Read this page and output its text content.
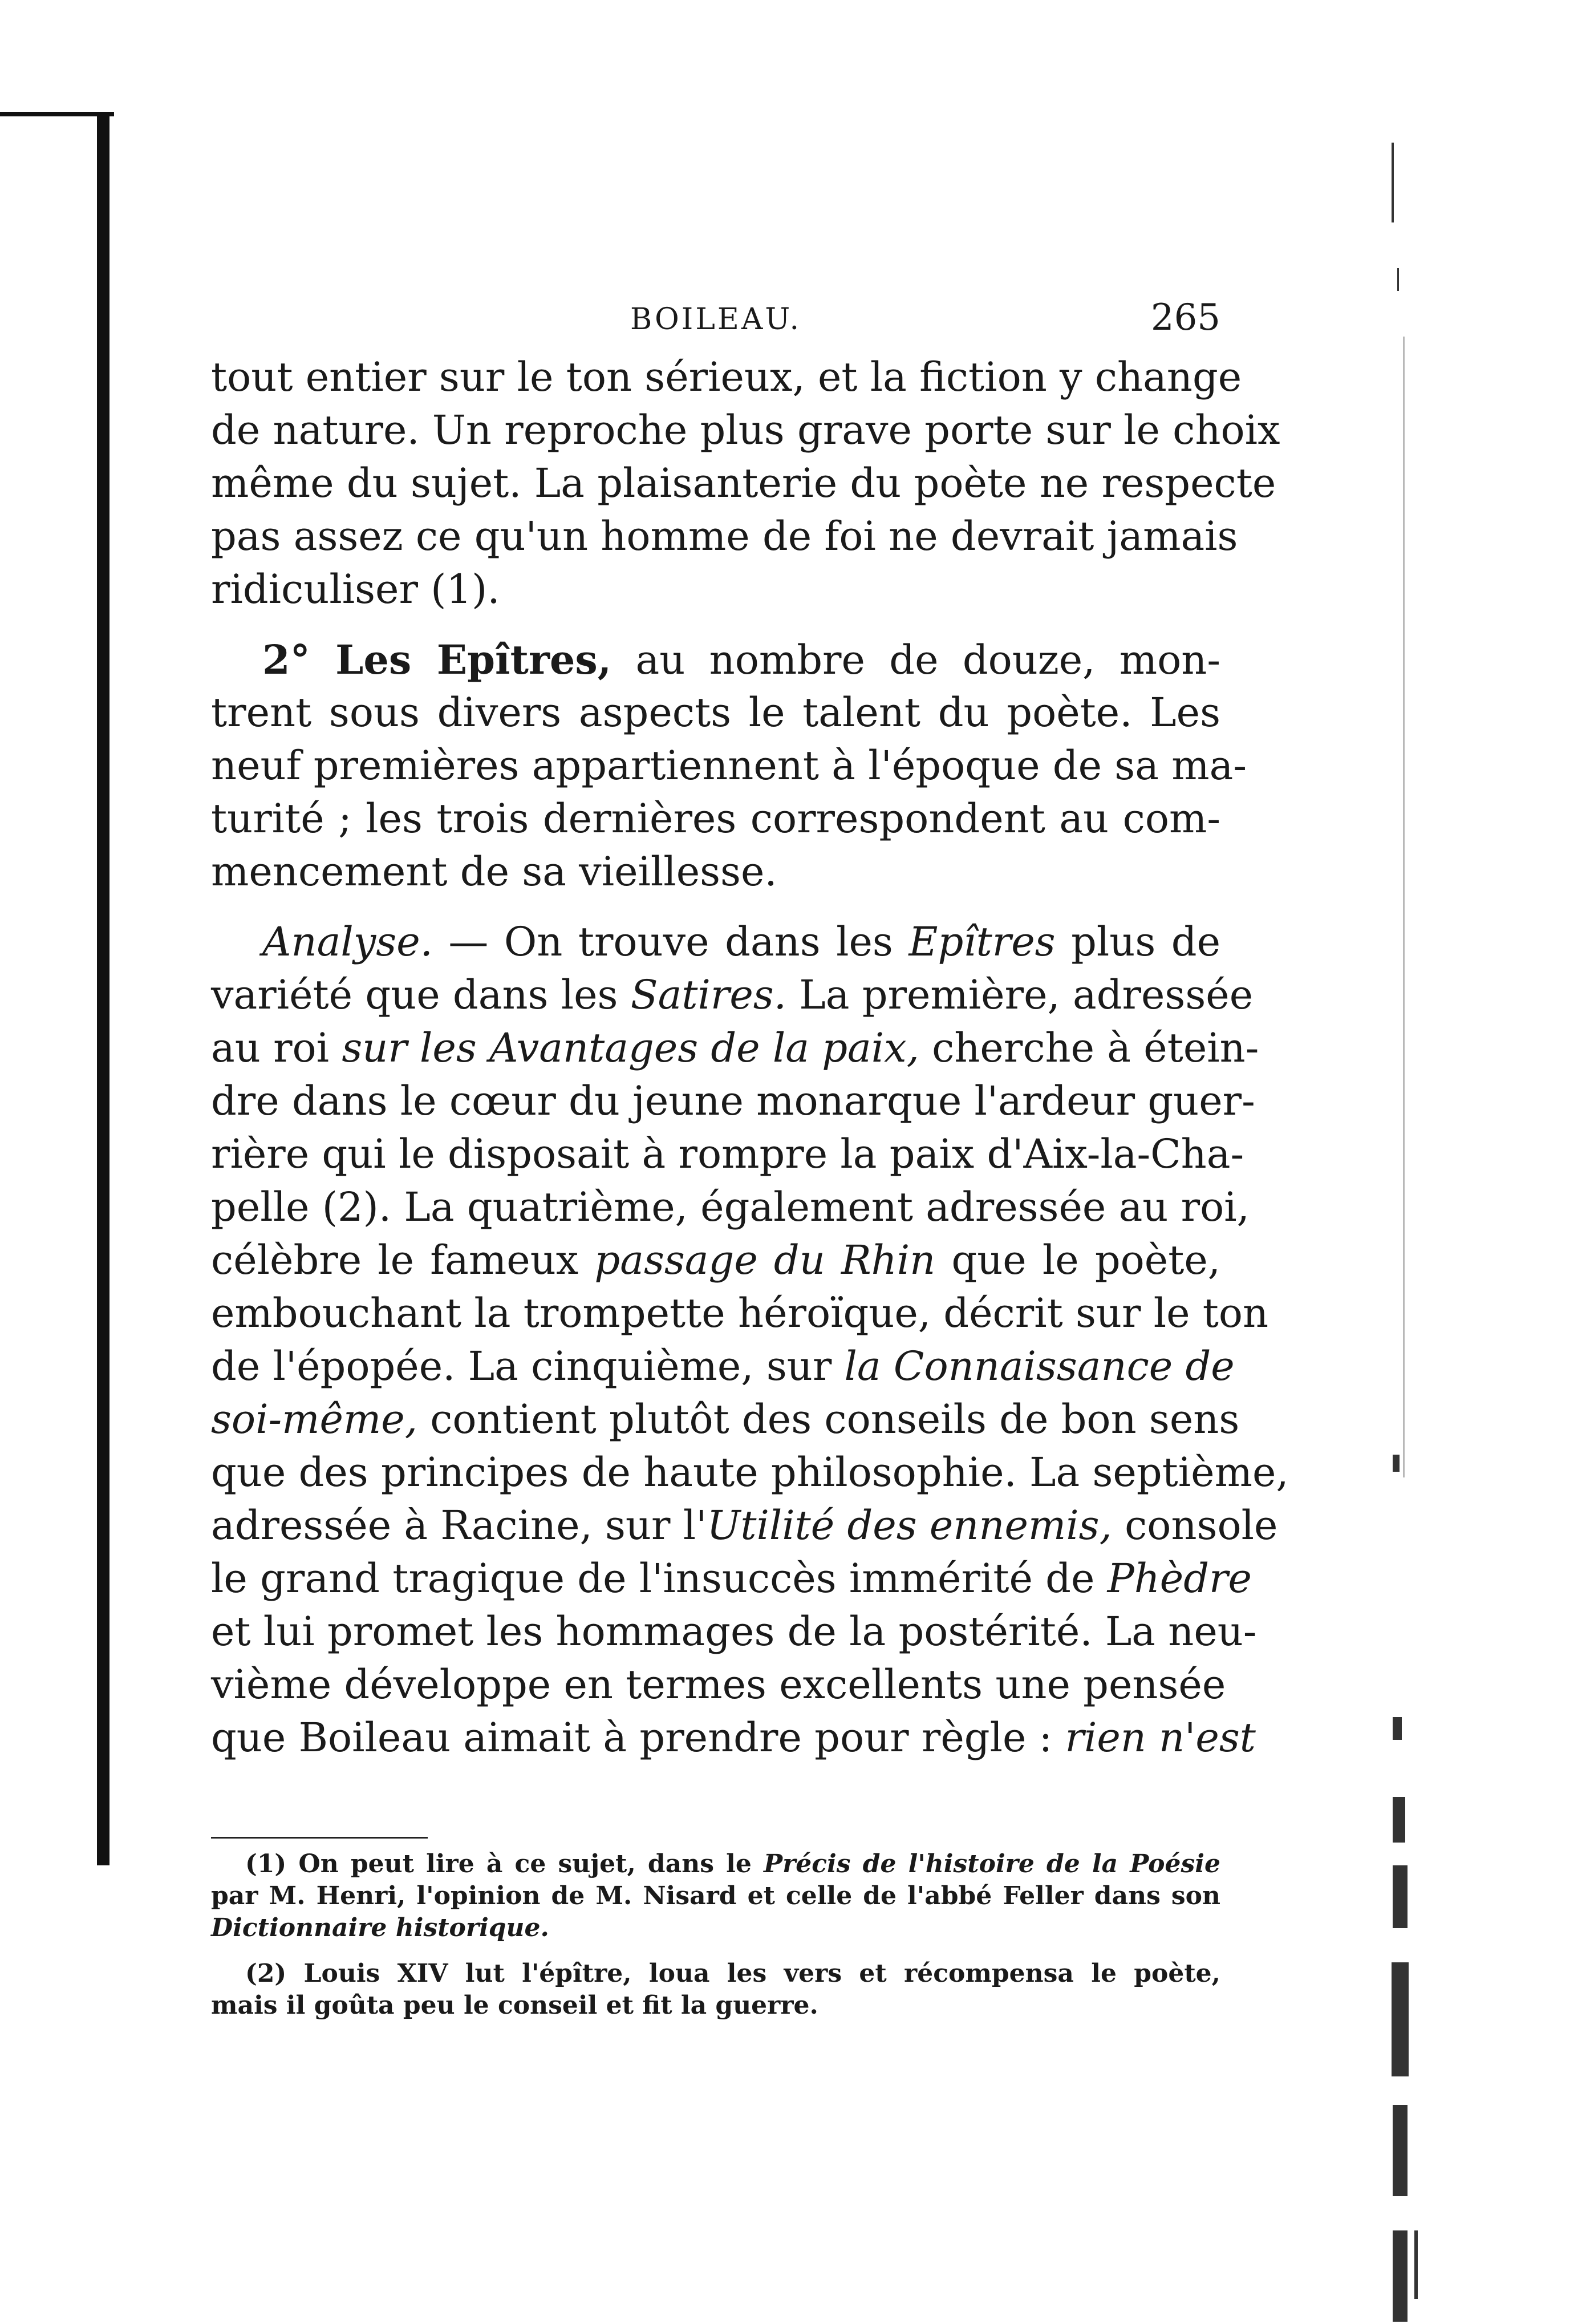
BOILEAU.	265
tout entier sur le ton sérieux, et la fiction y change
de nature. Un reproche plus grave porte sur le choix
même du sujet. La plaisanterie du poète ne respecte
pas assez ce qu'un homme de foi ne devrait jamais
ridiculiser (1).
2° Les Epîtres, au nombre de douze, mon-
trent sous divers aspects le talent du poète. Les
neuf premières appartiennent à l'époque de sa ma-
turité ; les trois dernières correspondent au com-
mencement de sa vieillesse.
Analyse. — On trouve dans les Epîtres plus de
variété que dans les Satires. La première, adressée
au roi sur les Avantages de la paix, cherche à étein-
dre dans le cœur du jeune monarque l'ardeur guer-
rière qui le disposait à rompre la paix d'Aix-la-Cha-
pelle (2). La quatrième, également adressée au roi,
célèbre le fameux passage du Rhin que le poète,
embouchant la trompette héroïque, décrit sur le ton
de l'épopée. La cinquième, sur la Connaissance de
soi-même, contient plutôt des conseils de bon sens
que des principes de haute philosophie. La septième,
adressée à Racine, sur l'Utilité des ennemis, console
le grand tragique de l'insuccès immérité de Phèdre
et lui promet les hommages de la postérité. La neu-
vième développe en termes excellents une pensée
que Boileau aimait à prendre pour règle : rien n'est
(1) On peut lire à ce sujet, dans le Précis de l'histoire de la Poésie
par M. Henri, l'opinion de M. Nisard et celle de l'abbé Feller dans son
Dictionnaire historique.
(2) Louis XIV lut l'épître, loua les vers et récompensa le poète,
mais il goûta peu le conseil et fit la guerre.
